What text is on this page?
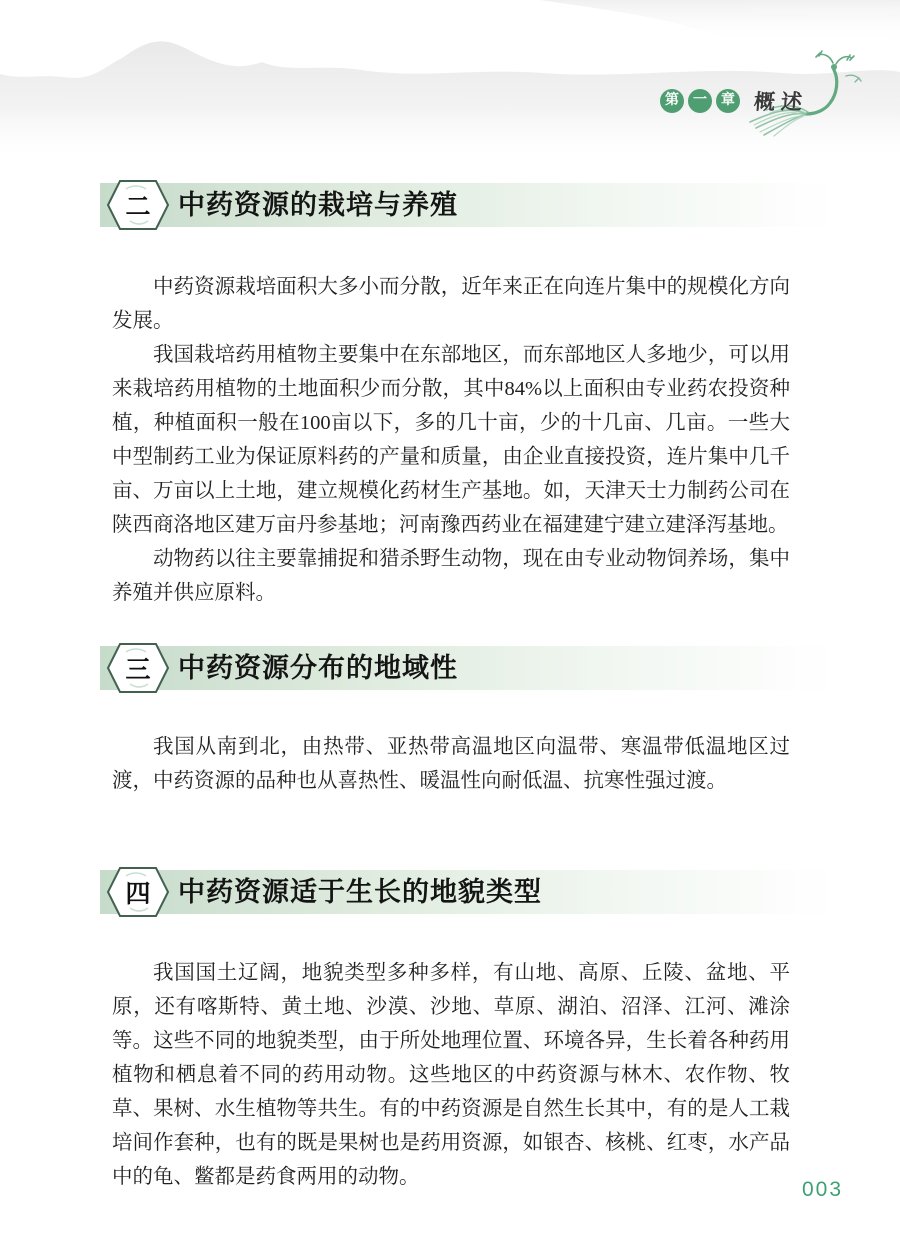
第	一	章 概述
二	中药资源的栽培与养殖

中药资源栽培面积大多小而分散，近年来正在向连片集中的规模化方向发展。

我国栽培药用植物主要集中在东部地区，而东部地区人多地少，可以用来栽培药用植物的土地面积少而分散，其中84%以上面积由专业药农投资种植，种植面积一般在100亩以下，多的几十亩，少的十几亩、几亩。一些大中型制药工业为保证原料药的产量和质量，由企业直接投资，连片集中几千亩、万亩以上土地，建立规模化药材生产基地。如，天津天士力制药公司在陕西商洛地区建万亩丹参基地；河南豫西药业在福建建宁建立建泽泻基地。

动物药以往主要靠捕捉和猎杀野生动物，现在由专业动物饲养场，集中养殖并供应原料。

三	中药资源分布的地域性

我国从南到北，由热带、亚热带高温地区向温带、寒温带低温地区过渡，中药资源的品种也从喜热性、暖温性向耐低温、抗寒性强过渡。

四	中药资源适于生长的地貌类型

我国国土辽阔，地貌类型多种多样，有山地、高原、丘陵、盆地、平原，还有喀斯特、黄土地、沙漠、沙地、草原、湖泊、沼泽、江河、滩涂等。这些不同的地貌类型，由于所处地理位置、环境各异，生长着各种药用植物和栖息着不同的药用动物。这些地区的中药资源与林木、农作物、牧草、果树、水生植物等共生。有的中药资源是自然生长其中，有的是人工栽培间作套种，也有的既是果树也是药用资源，如银杏、核桃、红枣，水产品中的龟、鳖都是药食两用的动物。

003
